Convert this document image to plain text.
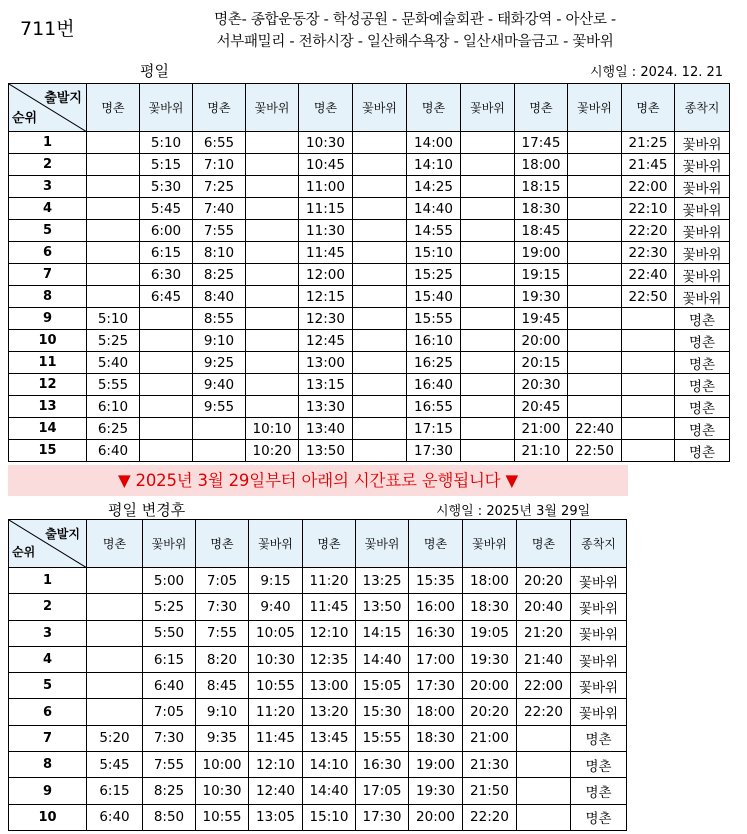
711번	명촌- 종합운동장 - 학성공원 - 문화예술회관 - 태화강역 - 아산로 -
서부패밀리 - 전하시장 - 일산해수욕장 - 일산새마을금고 - 꽃바위
평일	시행일 : 2024. 12. 21
출발지
순위	명촌	꽃바위	명촌	꽃바위	명촌	꽃바위	명촌	꽃바위	명촌	꽃바위	명촌	종착지
1		5:10	6:55		10:30		14:00		17:45		21:25	꽃바위
2		5:15	7:10		10:45		14:10		18:00		21:45	꽃바위
3		5:30	7:25		11:00		14:25		18:15		22:00	꽃바위
4		5:45	7:40		11:15		14:40		18:30		22:10	꽃바위
5		6:00	7:55		11:30		14:55		18:45		22:20	꽃바위
6		6:15	8:10		11:45		15:10		19:00		22:30	꽃바위
7		6:30	8:25		12:00		15:25		19:15		22:40	꽃바위
8		6:45	8:40		12:15		15:40		19:30		22:50	꽃바위
9	5:10		8:55		12:30		15:55		19:45			명촌
10	5:25		9:10		12:45		16:10		20:00			명촌
11	5:40		9:25		13:00		16:25		20:15			명촌
12	5:55		9:40		13:15		16:40		20:30			명촌
13	6:10		9:55		13:30		16:55		20:45			명촌
14	6:25			10:10	13:40		17:15		21:00	22:40		명촌
15	6:40			10:20	13:50		17:30		21:10	22:50		명촌
▼ 2025년 3월 29일부터 아래의 시간표로 운행됩니다 ▼
평일 변경후	시행일 : 2025년 3월 29일
출발지
순위	명촌	꽃바위	명촌	꽃바위	명촌	꽃바위	명촌	꽃바위	명촌	종착지
1		5:00	7:05	9:15	11:20	13:25	15:35	18:00	20:20	꽃바위
2		5:25	7:30	9:40	11:45	13:50	16:00	18:30	20:40	꽃바위
3		5:50	7:55	10:05	12:10	14:15	16:30	19:05	21:20	꽃바위
4		6:15	8:20	10:30	12:35	14:40	17:00	19:30	21:40	꽃바위
5		6:40	8:45	10:55	13:00	15:05	17:30	20:00	22:00	꽃바위
6		7:05	9:10	11:20	13:20	15:30	18:00	20:20	22:20	꽃바위
7	5:20	7:30	9:35	11:45	13:45	15:55	18:30	21:00		명촌
8	5:45	7:55	10:00	12:10	14:10	16:30	19:00	21:30		명촌
9	6:15	8:25	10:30	12:40	14:40	17:05	19:30	21:50		명촌
10	6:40	8:50	10:55	13:05	15:10	17:30	20:00	22:20		명촌
